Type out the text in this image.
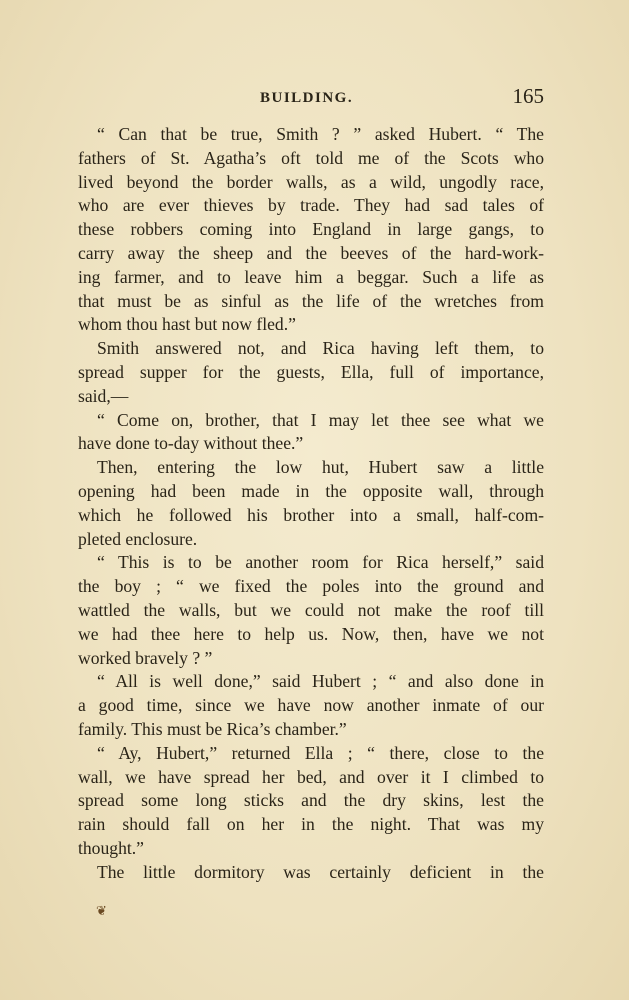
BUILDING.	165
“ Can that be true, Smith ? ” asked Hubert. “ The
fathers of St. Agatha’s oft told me of the Scots who
lived beyond the border walls, as a wild, ungodly race,
who are ever thieves by trade. They had sad tales of
these robbers coming into England in large gangs, to
carry away the sheep and the beeves of the hard-work-
ing farmer, and to leave him a beggar. Such a life as
that must be as sinful as the life of the wretches from
whom thou hast but now fled.”
Smith answered not, and Rica having left them, to
spread supper for the guests, Ella, full of importance,
said,—
“ Come on, brother, that I may let thee see what we
have done to-day without thee.”
Then, entering the low hut, Hubert saw a little
opening had been made in the opposite wall, through
which he followed his brother into a small, half-com-
pleted enclosure.
“ This is to be another room for Rica herself,” said
the boy ; “ we fixed the poles into the ground and
wattled the walls, but we could not make the roof till
we had thee here to help us. Now, then, have we not
worked bravely ? ”
“ All is well done,” said Hubert ; “ and also done in
a good time, since we have now another inmate of our
family. This must be Rica’s chamber.”
“ Ay, Hubert,” returned Ella ; “ there, close to the
wall, we have spread her bed, and over it I climbed to
spread some long sticks and the dry skins, lest the
rain should fall on her in the night. That was my
thought.”
The little dormitory was certainly deficient in the
❦
